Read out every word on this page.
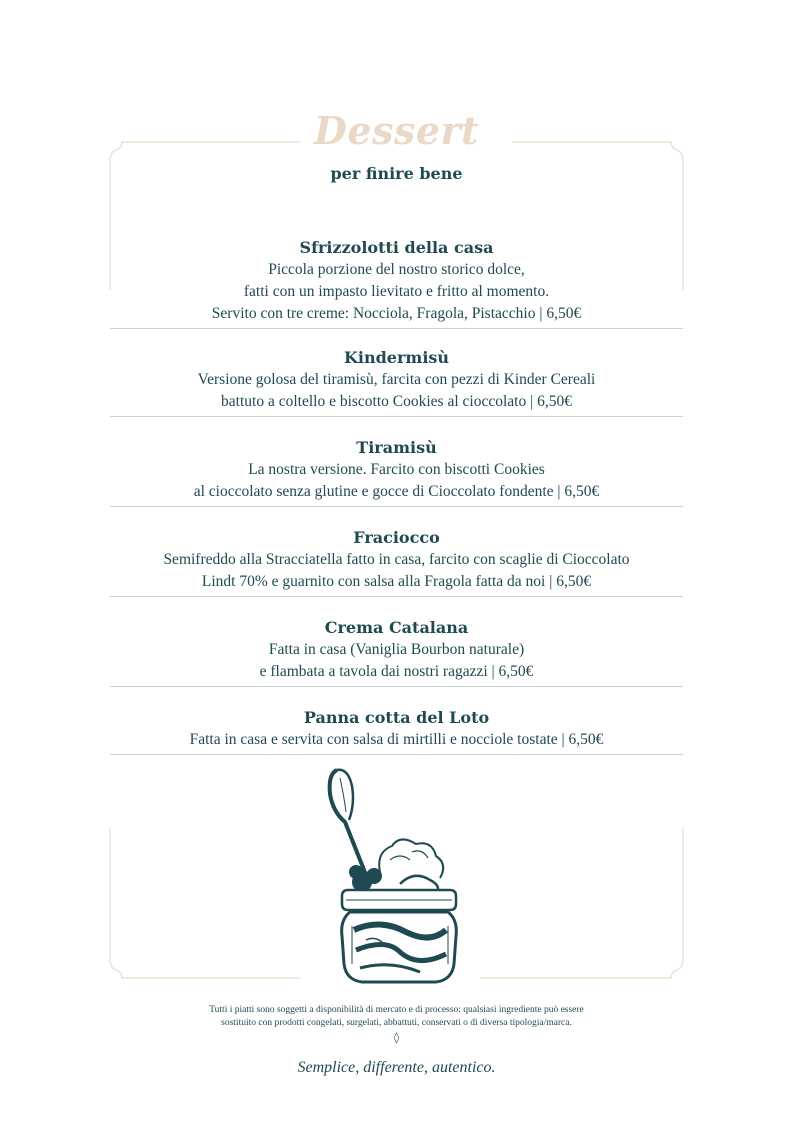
Dessert
per finire bene
Sfrizzolotti della casa
Piccola porzione del nostro storico dolce,
fatti con un impasto lievitato e fritto al momento.
Servito con tre creme: Nocciola, Fragola, Pistacchio | 6,50€
Kindermisù
Versione golosa del tiramisù, farcita con pezzi di Kinder Cereali
battuto a coltello e biscotto Cookies al cioccolato | 6,50€
Tiramisù
La nostra versione. Farcito con biscotti Cookies
al cioccolato senza glutine e gocce di Cioccolato fondente | 6,50€
Fraciocco
Semifreddo alla Stracciatella fatto in casa, farcito con scaglie di Cioccolato
Lindt 70% e guarnito con salsa alla Fragola fatta da noi | 6,50€
Crema Catalana
Fatta in casa (Vaniglia Bourbon naturale)
e flambata a tavola dai nostri ragazzi | 6,50€
Panna cotta del Loto
Fatta in casa e servita con salsa di mirtilli e nocciole tostate | 6,50€
Tutti i piatti sono soggetti a disponibilità di mercato e di processo: qualsiasi ingrediente può essere
sostituito con prodotti congelati, surgelati, abbattuti, conservati o di diversa tipologia/marca.
◊
Semplice, differente, autentico.
